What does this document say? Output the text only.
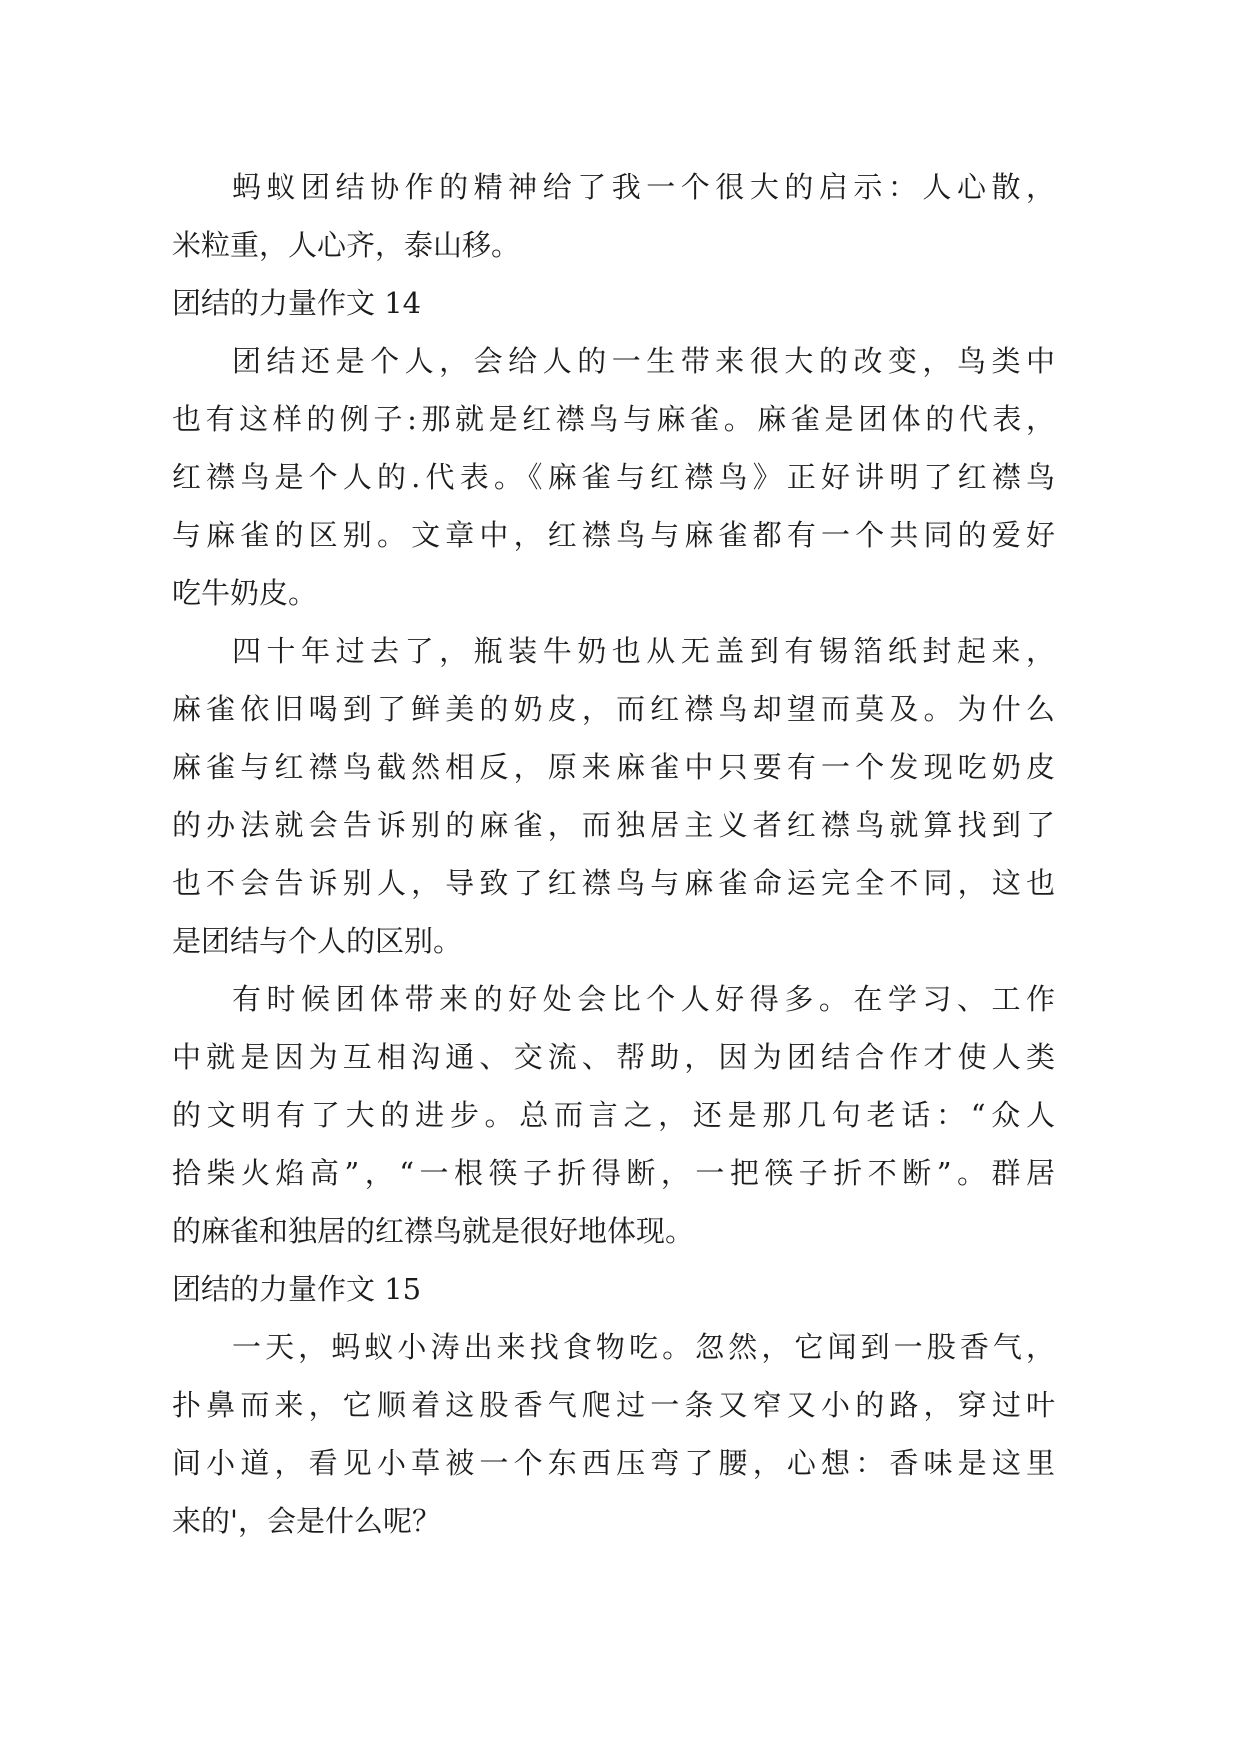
蚂蚁团结协作的精神给了我一个很大的启示：人心散，
米粒重，人心齐，泰山移。
团结的力量作文 14
团结还是个人，会给人的一生带来很大的改变，鸟类中
也有这样的例子:那就是红襟鸟与麻雀。麻雀是团体的代表，
红襟鸟是个人的.代表。《麻雀与红襟鸟》正好讲明了红襟鸟
与麻雀的区别。文章中，红襟鸟与麻雀都有一个共同的爱好
吃牛奶皮。
四十年过去了，瓶装牛奶也从无盖到有锡箔纸封起来，
麻雀依旧喝到了鲜美的奶皮，而红襟鸟却望而莫及。为什么
麻雀与红襟鸟截然相反，原来麻雀中只要有一个发现吃奶皮
的办法就会告诉别的麻雀，而独居主义者红襟鸟就算找到了
也不会告诉别人，导致了红襟鸟与麻雀命运完全不同，这也
是团结与个人的区别。
有时候团体带来的好处会比个人好得多。在学习、工作
中就是因为互相沟通、交流、帮助，因为团结合作才使人类
的文明有了大的进步。总而言之，还是那几句老话：“众人
拾柴火焰高”，“一根筷子折得断，一把筷子折不断”。群居
的麻雀和独居的红襟鸟就是很好地体现。
团结的力量作文 15
一天，蚂蚁小涛出来找食物吃。忽然，它闻到一股香气，
扑鼻而来，它顺着这股香气爬过一条又窄又小的路，穿过叶
间小道，看见小草被一个东西压弯了腰，心想：香味是这里
来的'，会是什么呢？
